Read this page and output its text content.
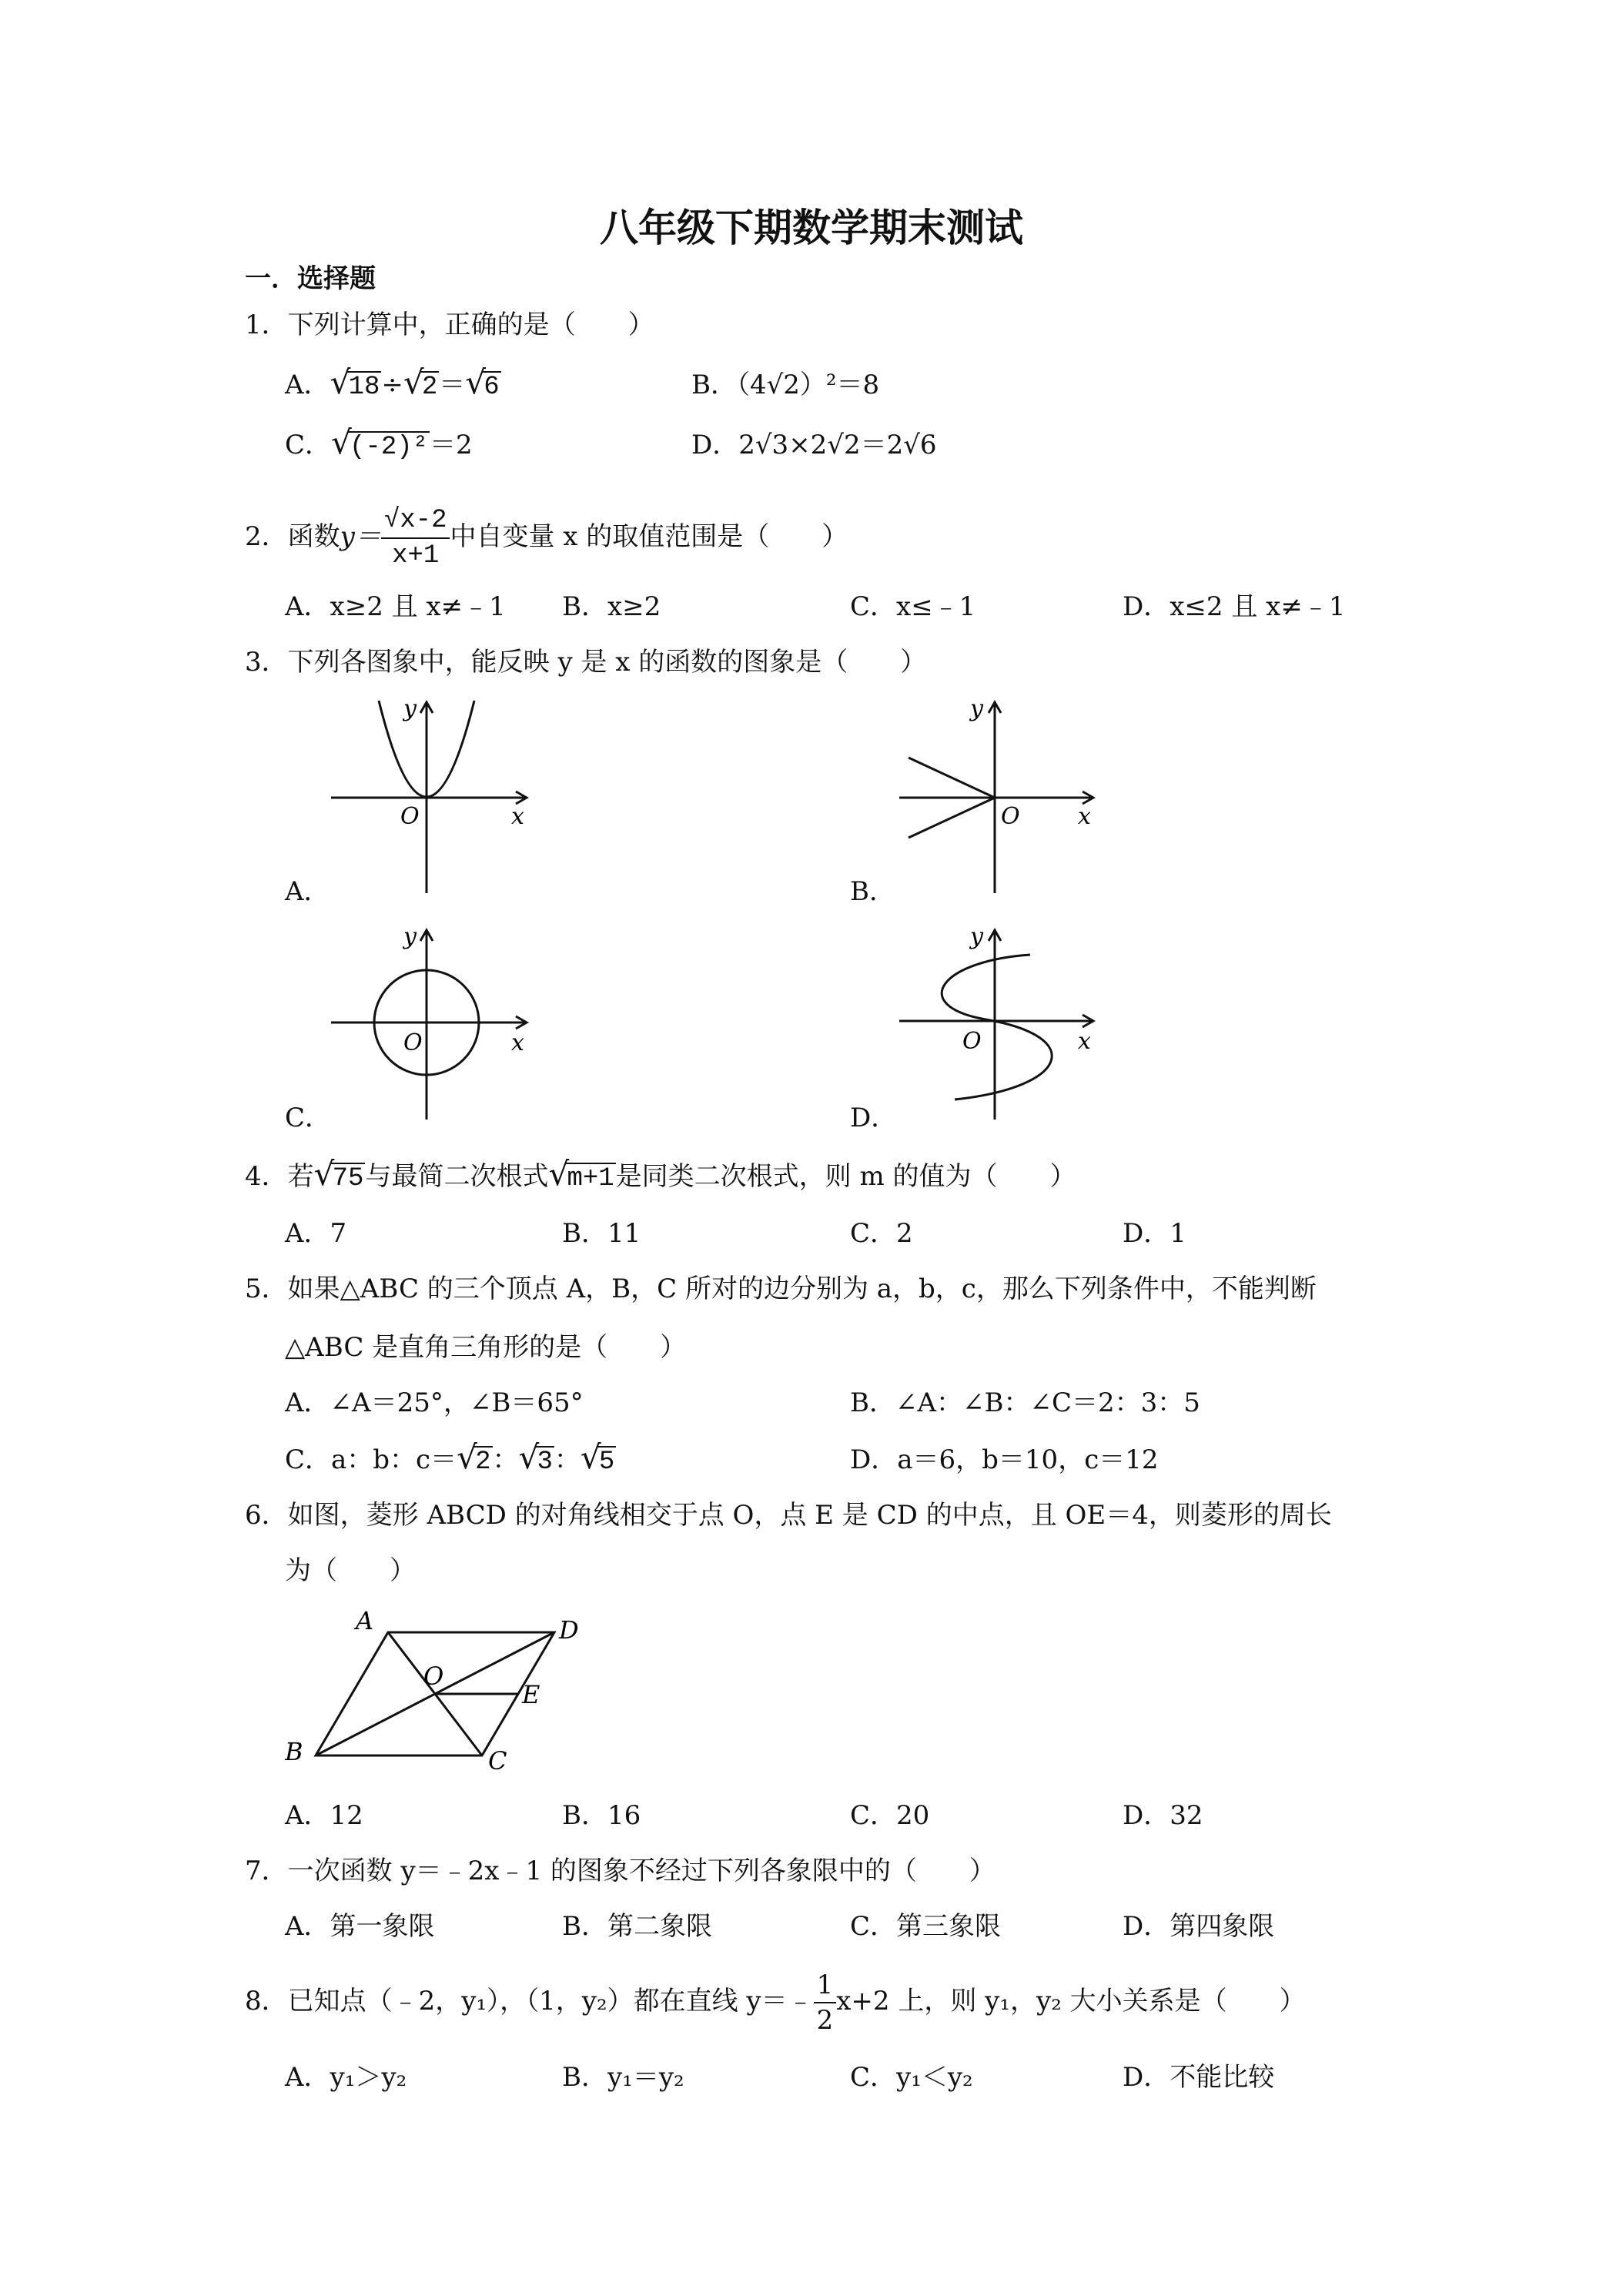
八年级下期数学期末测试
一．选择题
1．下列计算中，正确的是（　　）
A． √ 18÷ √ 2＝ √ 6	B．（4√2）²＝8
C． √ (-2)²＝2	D．2√3×2√2＝2√6
2．函数$y= \frac{√x-2}{x+1}$ 中自变量 x 的取值范围是（　　）
A．x≥2 且 x≠﹣1 B．x≥2	C．x≤﹣1	D．x≤2 且 x≠﹣1
3．下列各图象中，能反映 y 是 x 的函数的图象是（　　）
y
x
O
A．
y
x
O
B．
y
x
O
C．
y
x
O
D．
4．若 √ 75与最简二次根式 √ m+1是同类二次根式，则 m 的值为（　　）
A．7	B．11	C．2	D．1
5．如果△ABC 的三个顶点 A，B，C 所对的边分别为 a，b，c，那么下列条件中，不能判断
△ABC 是直角三角形的是（　　）
A．∠A＝25°，∠B＝65°	B．∠A：∠B：∠C＝2：3：5
C．a：b：c＝ √ 2： √ 3： √ 5	D．a＝6，b＝10，c＝12
6．如图，菱形 ABCD 的对角线相交于点 O，点 E 是 CD 的中点，且 OE＝4，则菱形的周长
为（　　）
A
B	C
D
O
E
A．12	B．16	C．20	D．32
7．一次函数 y＝﹣2x﹣1 的图象不经过下列各象限中的（　　）
A．第一象限	B．第二象限	C．第三象限	D．第四象限
8．已知点（﹣2，y₁），（1，y₂）都在直线 y＝﹣ $\frac{1}{2} x+2$ 上，则 y₁，y₂ 大小关系是（　　）
A．y₁＞y₂	B．y₁＝y₂	C．y₁＜y₂	D．不能比较
